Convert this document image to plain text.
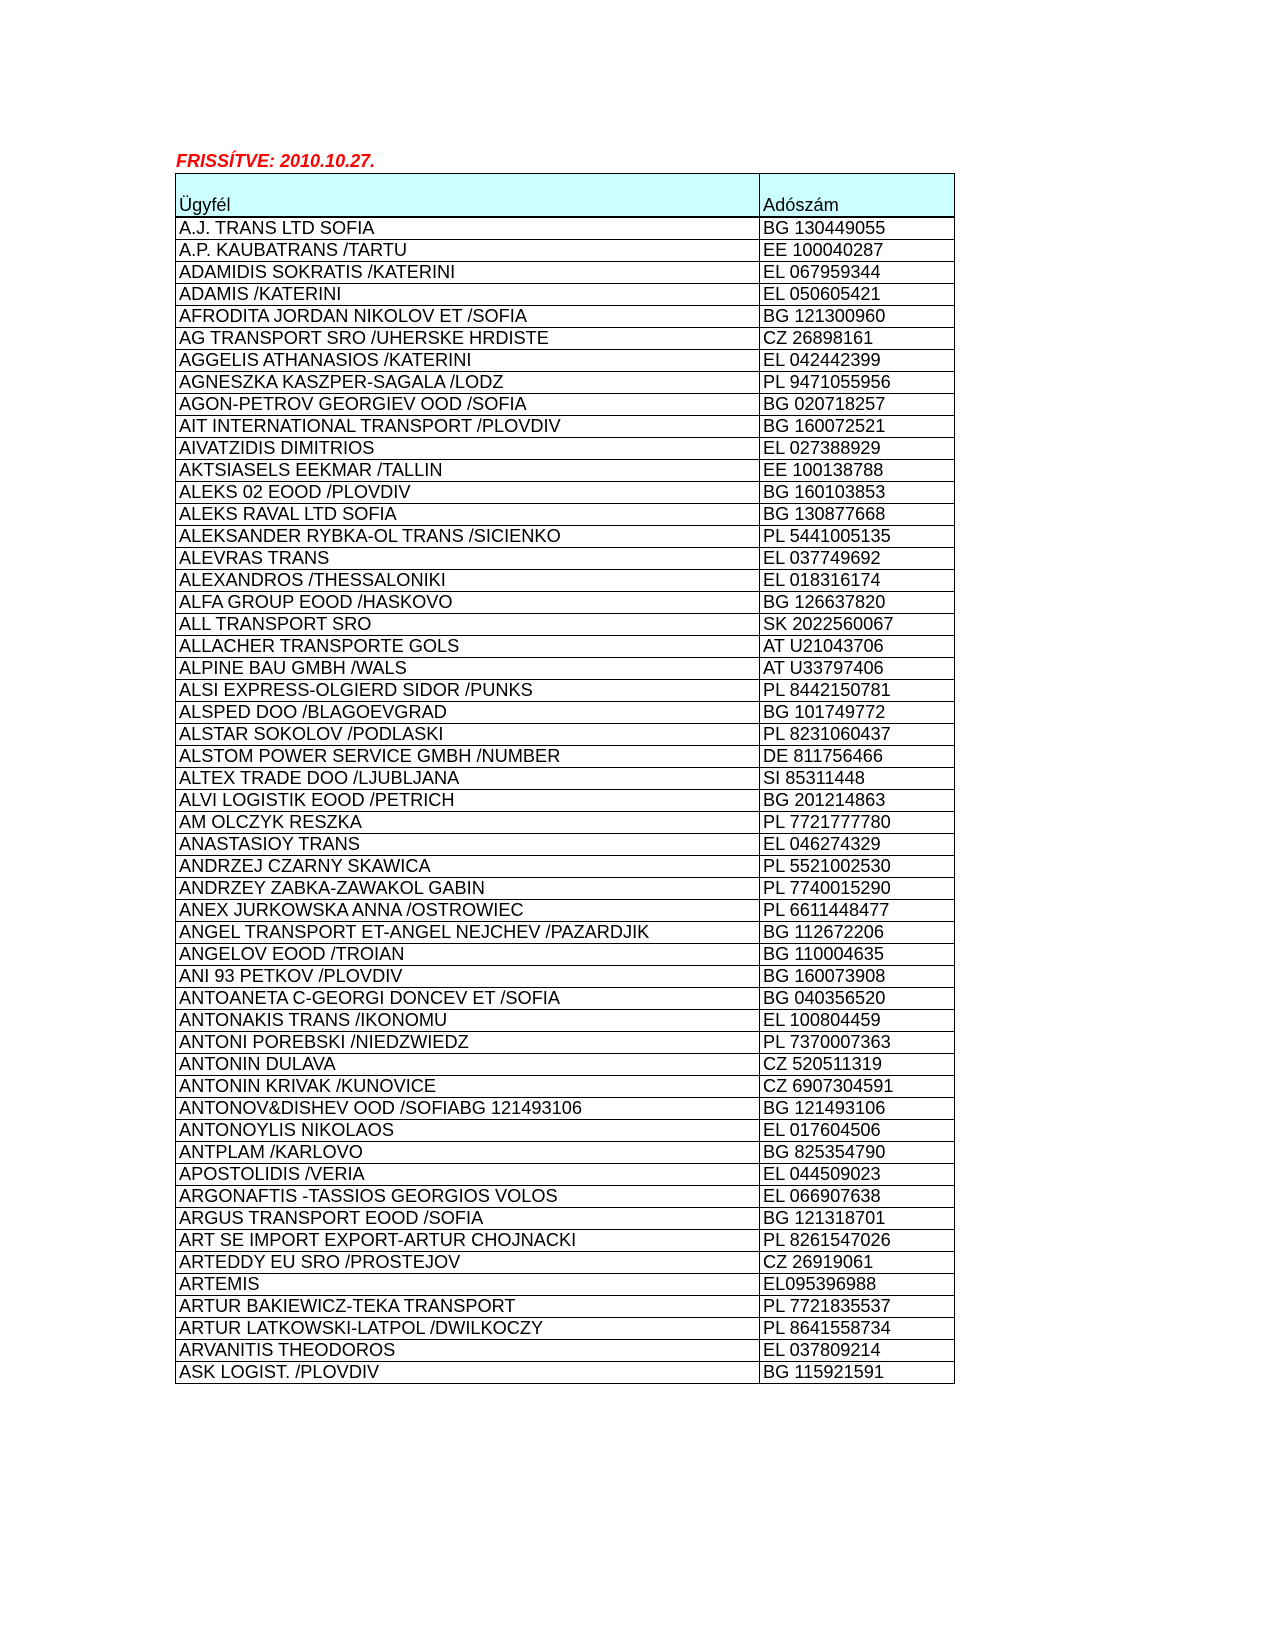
FRISSÍTVE: 2010.10.27.

Ügyfél	Adószám
A.J. TRANS LTD SOFIA	BG 130449055
A.P. KAUBATRANS /TARTU	EE 100040287
ADAMIDIS SOKRATIS /KATERINI	EL 067959344
ADAMIS /KATERINI	EL 050605421
AFRODITA JORDAN NIKOLOV ET /SOFIA	BG 121300960
AG TRANSPORT SRO /UHERSKE HRDISTE	CZ 26898161
AGGELIS ATHANASIOS /KATERINI	EL 042442399
AGNESZKA KASZPER-SAGALA /LODZ	PL 9471055956
AGON-PETROV GEORGIEV OOD /SOFIA	BG 020718257
AIT INTERNATIONAL TRANSPORT /PLOVDIV	BG 160072521
AIVATZIDIS DIMITRIOS	EL 027388929
AKTSIASELS EEKMAR /TALLIN	EE 100138788
ALEKS 02 EOOD /PLOVDIV	BG 160103853
ALEKS RAVAL LTD SOFIA	BG 130877668
ALEKSANDER RYBKA-OL TRANS /SICIENKO	PL 5441005135
ALEVRAS TRANS	EL 037749692
ALEXANDROS /THESSALONIKI	EL 018316174
ALFA GROUP EOOD /HASKOVO	BG 126637820
ALL TRANSPORT SRO	SK 2022560067
ALLACHER TRANSPORTE GOLS	AT U21043706
ALPINE BAU GMBH /WALS	AT U33797406
ALSI EXPRESS-OLGIERD SIDOR /PUNKS	PL 8442150781
ALSPED DOO /BLAGOEVGRAD	BG 101749772
ALSTAR SOKOLOV /PODLASKI	PL 8231060437
ALSTOM POWER SERVICE GMBH /NUMBER	DE 811756466
ALTEX TRADE DOO /LJUBLJANA	SI 85311448
ALVI LOGISTIK EOOD /PETRICH	BG 201214863
AM OLCZYK RESZKA	PL 7721777780
ANASTASIOY TRANS	EL 046274329
ANDRZEJ CZARNY SKAWICA	PL 5521002530
ANDRZEY ZABKA-ZAWAKOL GABIN	PL 7740015290
ANEX JURKOWSKA ANNA /OSTROWIEC	PL 6611448477
ANGEL TRANSPORT ET-ANGEL NEJCHEV /PAZARDJIK	BG 112672206
ANGELOV EOOD /TROIAN	BG 110004635
ANI 93 PETKOV /PLOVDIV	BG 160073908
ANTOANETA C-GEORGI DONCEV ET /SOFIA	BG 040356520
ANTONAKIS TRANS /IKONOMU	EL 100804459
ANTONI POREBSKI /NIEDZWIEDZ	PL 7370007363
ANTONIN DULAVA	CZ 520511319
ANTONIN KRIVAK /KUNOVICE	CZ 6907304591
ANTONOV&DISHEV OOD /SOFIABG 121493106	BG 121493106
ANTONOYLIS NIKOLAOS	EL 017604506
ANTPLAM /KARLOVO	BG 825354790
APOSTOLIDIS /VERIA	EL 044509023
ARGONAFTIS -TASSIOS GEORGIOS VOLOS	EL 066907638
ARGUS TRANSPORT EOOD /SOFIA	BG 121318701
ART SE IMPORT EXPORT-ARTUR CHOJNACKI	PL 8261547026
ARTEDDY EU SRO /PROSTEJOV	CZ 26919061
ARTEMIS	EL095396988
ARTUR BAKIEWICZ-TEKA TRANSPORT	PL 7721835537
ARTUR LATKOWSKI-LATPOL /DWILKOCZY	PL 8641558734
ARVANITIS THEODOROS	EL 037809214
ASK LOGIST. /PLOVDIV	BG 115921591
